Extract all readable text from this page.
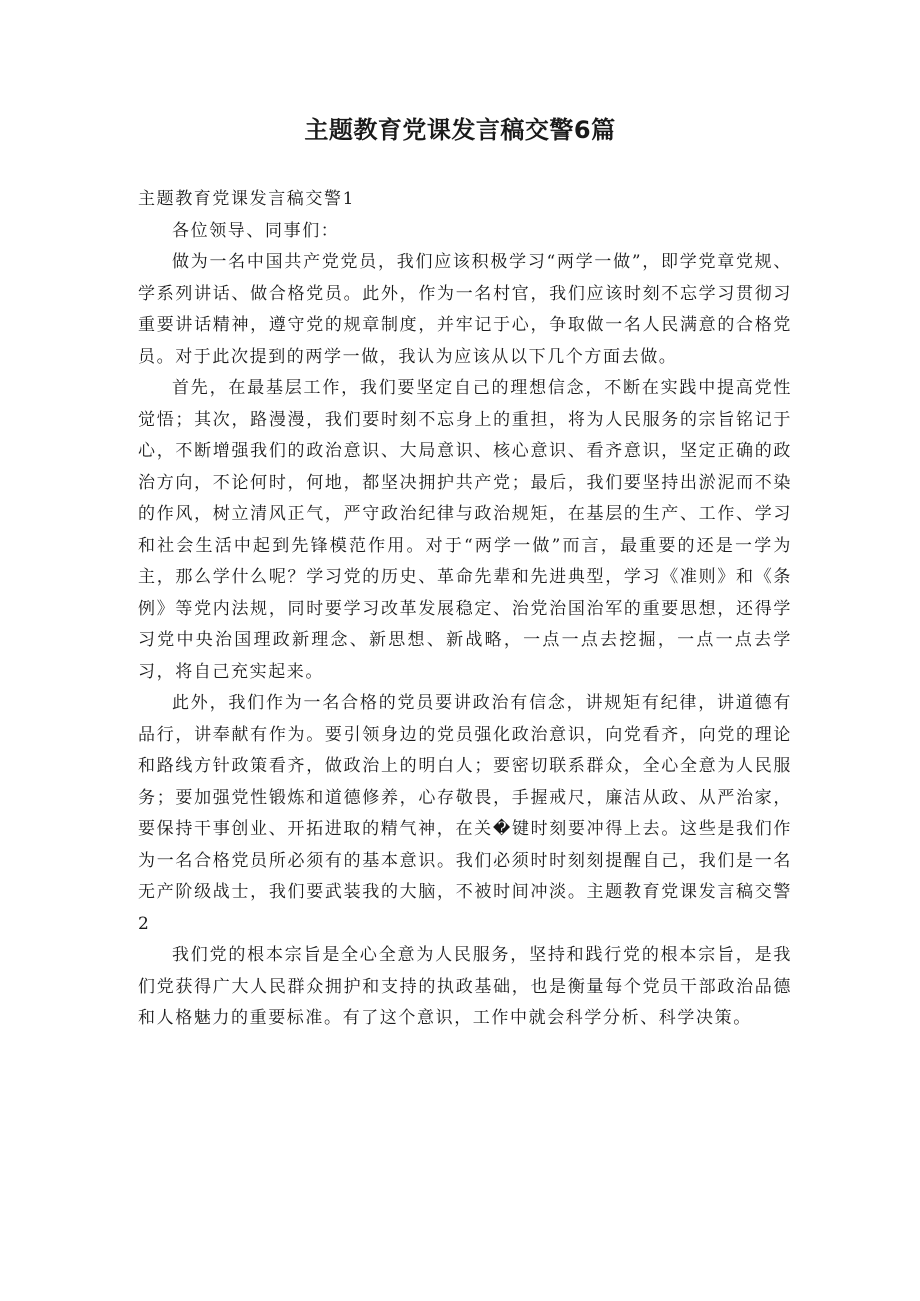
主题教育党课发言稿交警6篇

主题教育党课发言稿交警1

各位领导、同事们：

做为一名中国共产党党员，我们应该积极学习“两学一做”，即学党章党规、学系列讲话、做合格党员。此外，作为一名村官，我们应该时刻不忘学习贯彻习重要讲话精神，遵守党的规章制度，并牢记于心，争取做一名人民满意的合格党员。对于此次提到的两学一做，我认为应该从以下几个方面去做。

首先，在最基层工作，我们要坚定自己的理想信念，不断在实践中提高党性觉悟；其次，路漫漫，我们要时刻不忘身上的重担，将为人民服务的宗旨铭记于心，不断增强我们的政治意识、大局意识、核心意识、看齐意识，坚定正确的政治方向，不论何时，何地，都坚决拥护共产党；最后，我们要坚持出淤泥而不染的作风，树立清风正气，严守政治纪律与政治规矩，在基层的生产、工作、学习和社会生活中起到先锋模范作用。对于“两学一做”而言，最重要的还是一学为主，那么学什么呢？学习党的历史、革命先辈和先进典型，学习《准则》和《条例》等党内法规，同时要学习改革发展稳定、治党治国治军的重要思想，还得学习党中央治国理政新理念、新思想、新战略，一点一点去挖掘，一点一点去学习，将自己充实起来。

此外，我们作为一名合格的党员要讲政治有信念，讲规矩有纪律，讲道德有品行，讲奉献有作为。要引领身边的党员强化政治意识，向党看齐，向党的理论和路线方针政策看齐，做政治上的明白人；要密切联系群众，全心全意为人民服务；要加强党性锻炼和道德修养，心存敬畏，手握戒尺，廉洁从政、从严治家，要保持干事创业、开拓进取的精气神，在关�键时刻要冲得上去。这些是我们作为一名合格党员所必须有的基本意识。我们必须时时刻刻提醒自己，我们是一名无产阶级战士，我们要武装我的大脑，不被时间冲淡。主题教育党课发言稿交警2

我们党的根本宗旨是全心全意为人民服务，坚持和践行党的根本宗旨，是我们党获得广大人民群众拥护和支持的执政基础，也是衡量每个党员干部政治品德和人格魅力的重要标准。有了这个意识，工作中就会科学分析、科学决策。
